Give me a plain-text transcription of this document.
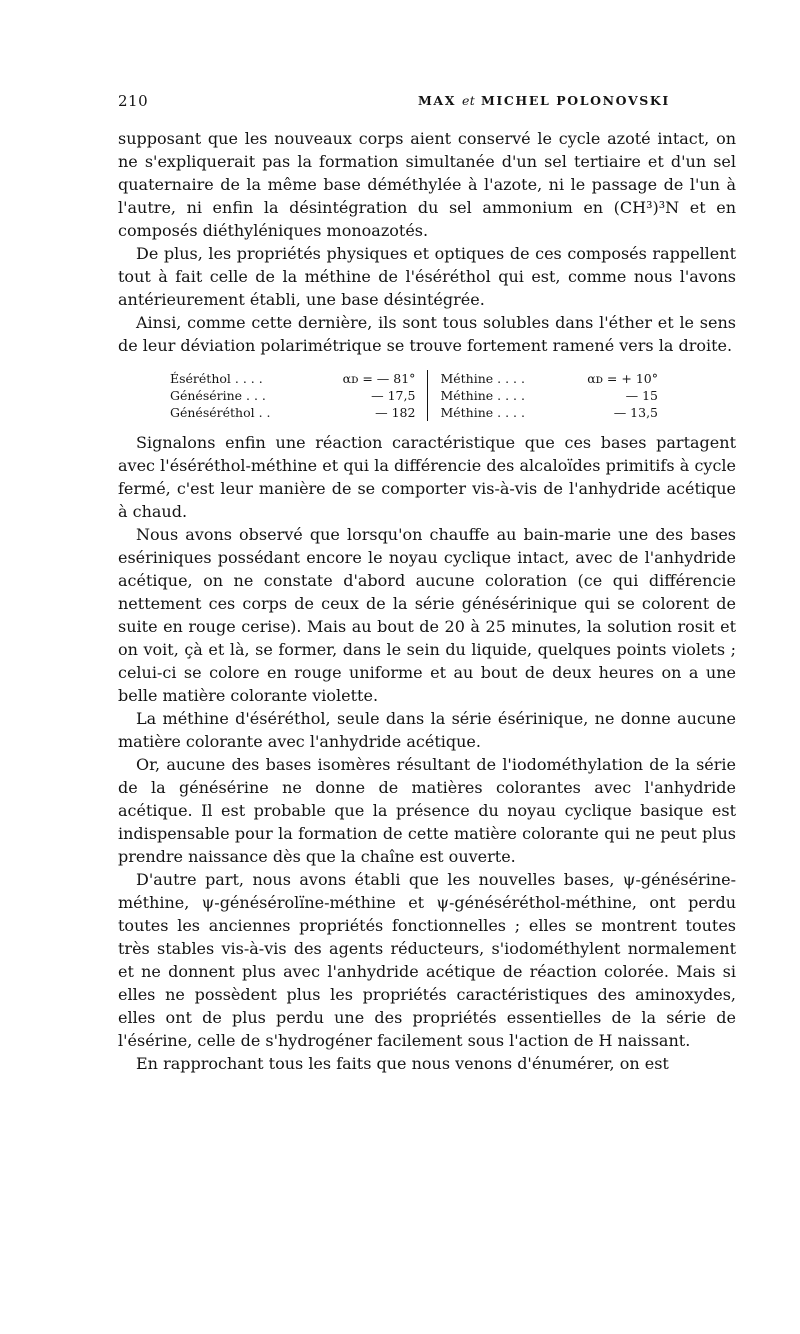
210	MAX et MICHEL POLONOVSKI

supposant que les nouveaux corps aient conservé le cycle azoté intact, on ne s'expliquerait pas la formation simultanée d'un sel tertiaire et d'un sel quaternaire de la même base déméthylée à l'azote, ni le passage de l'un à l'autre, ni enfin la désintégration du sel ammonium en (CH³)³N et en composés diéthyléniques monoazotés.

De plus, les propriétés physiques et optiques de ces composés rappellent tout à fait celle de la méthine de l'éséréthol qui est, comme nous l'avons antérieurement établi, une base désintégrée.

Ainsi, comme cette dernière, ils sont tous solubles dans l'éther et le sens de leur déviation polarimétrique se trouve fortement ramené vers la droite.

Éséréthol . . . .	αᴅ = — 81°	Méthine . . . .	αᴅ = + 10°
Génésérine . . .	— 17,5	Méthine . . . .	— 15
Généséréthol . .	— 182	Méthine . . . .	— 13,5

Signalons enfin une réaction caractéristique que ces bases partagent avec l'éséréthol-méthine et qui la différencie des alcaloïdes primitifs à cycle fermé, c'est leur manière de se comporter vis-à-vis de l'anhydride acétique à chaud.

Nous avons observé que lorsqu'on chauffe au bain-marie une des bases esériniques possédant encore le noyau cyclique intact, avec de l'anhydride acétique, on ne constate d'abord aucune coloration (ce qui différencie nettement ces corps de ceux de la série génésérinique qui se colorent de suite en rouge cerise). Mais au bout de 20 à 25 minutes, la solution rosit et on voit, çà et là, se former, dans le sein du liquide, quelques points violets ; celui-ci se colore en rouge uniforme et au bout de deux heures on a une belle matière colorante violette.

La méthine d'éséréthol, seule dans la série ésérinique, ne donne aucune matière colorante avec l'anhydride acétique.

Or, aucune des bases isomères résultant de l'iodométhylation de la série de la génésérine ne donne de matières colorantes avec l'anhydride acétique. Il est probable que la présence du noyau cyclique basique est indispensable pour la formation de cette matière colorante qui ne peut plus prendre naissance dès que la chaîne est ouverte.

D'autre part, nous avons établi que les nouvelles bases, ψ-génésérine-méthine, ψ-génésérolïne-méthine et ψ-généséréthol-méthine, ont perdu toutes les anciennes propriétés fonctionnelles ; elles se montrent toutes très stables vis-à-vis des agents réducteurs, s'iodométhylent normalement et ne donnent plus avec l'anhydride acétique de réaction colorée. Mais si elles ne possèdent plus les propriétés caractéristiques des aminoxydes, elles ont de plus perdu une des propriétés essentielles de la série de l'ésérine, celle de s'hydrogéner facilement sous l'action de H naissant.

En rapprochant tous les faits que nous venons d'énumérer, on est
